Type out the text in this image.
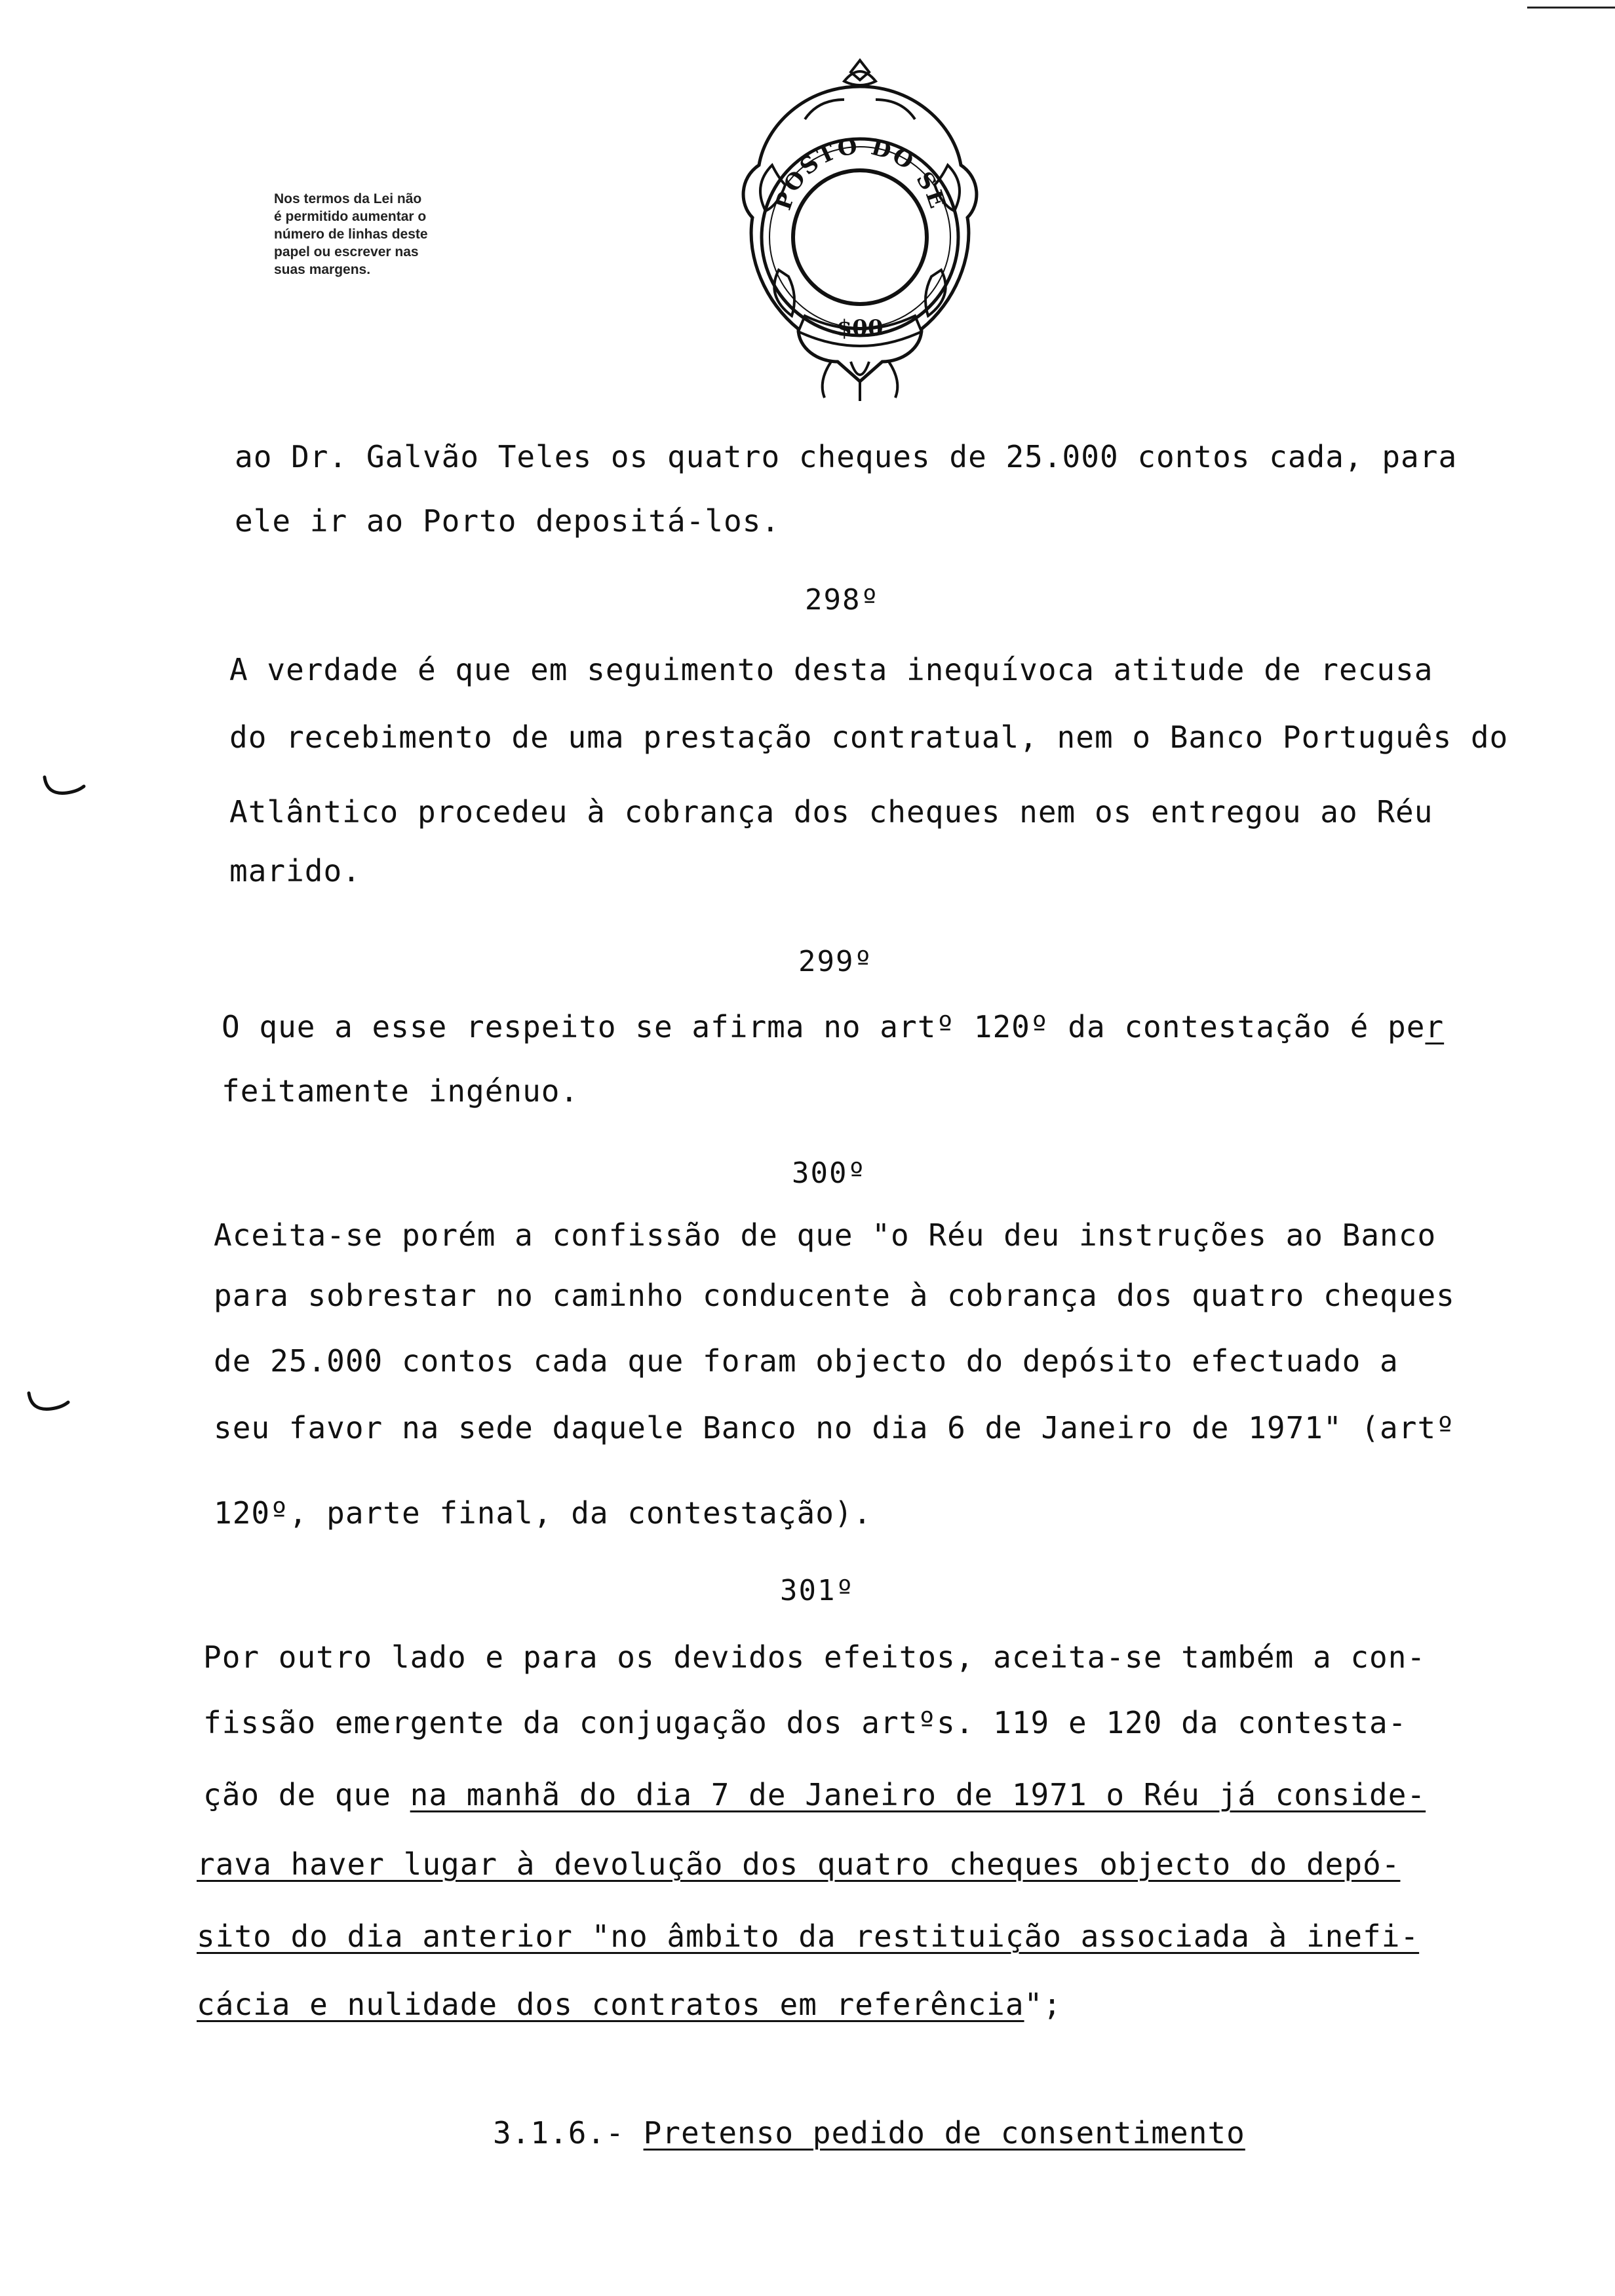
Nos termos da Lei não
é permitido aumentar o
número de linhas deste
papel ou escrever nas
suas margens.
POSTO DO SE
$00
ao Dr. Galvão Teles os quatro cheques de 25.000 contos cada, para
ele ir ao Porto depositá-los.
298º
A verdade é que em seguimento desta inequívoca atitude de recusa
do recebimento de uma prestação contratual, nem o Banco Português do
Atlântico procedeu à cobrança dos cheques nem os entregou ao Réu
marido.
299º
O que a esse respeito se afirma no artº 120º da contestação é per
feitamente ingénuo.
300º
Aceita-se porém a confissão de que "o Réu deu instruções ao Banco
para sobrestar no caminho conducente à cobrança dos quatro cheques
de 25.000 contos cada que foram objecto do depósito efectuado a
seu favor na sede daquele Banco no dia 6 de Janeiro de 1971" (artº
120º, parte final, da contestação).
301º
Por outro lado e para os devidos efeitos, aceita-se também a con-
fissão emergente da conjugação dos artºs. 119 e 120 da contesta-
ção de que na manhã do dia 7 de Janeiro de 1971 o Réu já conside-
rava haver lugar à devolução dos quatro cheques objecto do depó-
sito do dia anterior "no âmbito da restituição associada à inefi-
cácia e nulidade dos contratos em referência";
3.1.6.- Pretenso pedido de consentimento
